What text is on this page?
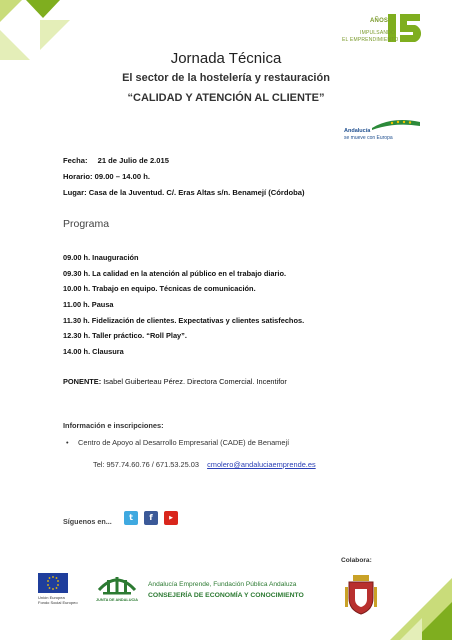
AÑOS
IMPULSANDO
EL EMPRENDIMIENTO
Jornada Técnica
El sector de la hostelería y restauración
“CALIDAD Y ATENCIÓN AL CLIENTE”
Andalucía
se mueve con Europa
Fecha: 21 de Julio de 2.015
Horario: 09.00 – 14.00 h.
Lugar: Casa de la Juventud. C/. Eras Altas s/n. Benamejí (Córdoba)
Programa
09.00 h. Inauguración
09.30 h. La calidad en la atención al público en el trabajo diario.
10.00 h. Trabajo en equipo. Técnicas de comunicación.
11.00 h. Pausa
11.30 h. Fidelización de clientes. Expectativas y clientes satisfechos.
12.30 h. Taller práctico. “Roll Play”.
14.00 h. Clausura
PONENTE: Isabel Guiberteau Pérez. Directora Comercial. Incentifor
Información e inscripciones:
• Centro de Apoyo al Desarrollo Empresarial (CADE) de Benamejí
Tel: 957.74.60.76 / 671.53.25.03 cmolero@andaluciaemprende.es
Síguenos en...	t	f	▶
Colabora:
Unión Europea
Fondo Social Europeo	JUNTA DE ANDALUCIA
Andalucía Emprende, Fundación Pública Andaluza
CONSEJERÍA DE ECONOMÍA Y CONOCIMIENTO
